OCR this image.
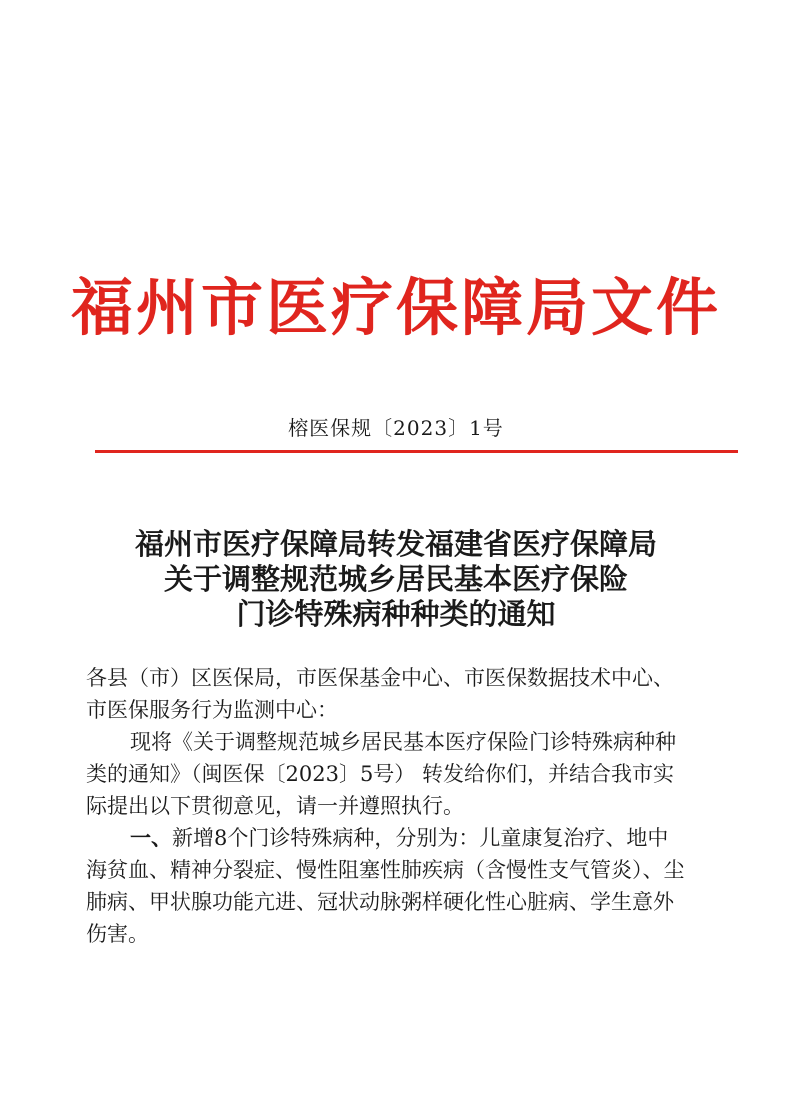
福州市医疗保障局文件
榕医保规〔2023〕1号
福州市医疗保障局转发福建省医疗保障局
关于调整规范城乡居民基本医疗保险
门诊特殊病种种类的通知
各县（市）区医保局，市医保基金中心、市医保数据技术中心、
市医保服务行为监测中心：
现将《关于调整规范城乡居民基本医疗保险门诊特殊病种种
类的通知》（闽医保〔2023〕5号） 转发给你们，并结合我市实
际提出以下贯彻意见，请一并遵照执行。
一、新增8个门诊特殊病种，分别为：儿童康复治疗、地中
海贫血、精神分裂症、慢性阻塞性肺疾病（含慢性支气管炎）、尘
肺病、甲状腺功能亢进、冠状动脉粥样硬化性心脏病、学生意外
伤害。
